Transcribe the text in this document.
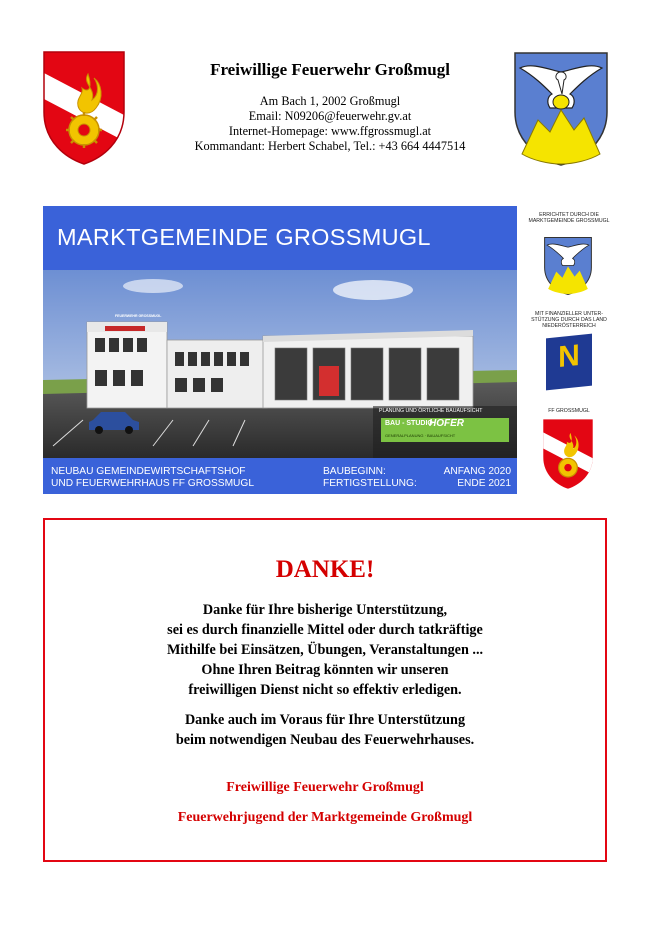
Freiwillige Feuerwehr Großmugl
Am Bach 1, 2002 Großmugl
Email: N09206@feuerwehr.gv.at
Internet-Homepage: www.ffgrossmugl.at
Kommandant: Herbert Schabel, Tel.: +43 664 4447514
MARKTGEMEINDE GROSSMUGL
FEUERWEHR GROSSMUGL
PLANUNG UND ÖRTLICHE BAUAUFSICHT
BAU - STUDIO
HOFER
GENERALPLANUNG · BAUAUFSICHT
NEUBAU GEMEINDEWIRTSCHAFTSHOF
UND FEUERWEHRHAUS FF GROSSMUGL
BAUBEGINN:
FERTIGSTELLUNG:
ANFANG 2020
ENDE 2021
ERRICHTET DURCH DIE MARKTGEMEINDE GROSSMUGL
MIT FINANZIELLER UNTER-STÜTZUNG DURCH DAS LAND NIEDERÖSTERREICH
N
FF GROSSMUGL
DANKE!
Danke für Ihre bisherige Unterstützung,
sei es durch finanzielle Mittel oder durch tatkräftige
Mithilfe bei Einsätzen, Übungen, Veranstaltungen ...
Ohne Ihren Beitrag könnten wir unseren
freiwilligen Dienst nicht so effektiv erledigen.
Danke auch im Voraus für Ihre Unterstützung
beim notwendigen Neubau des Feuerwehrhauses.
Freiwillige Feuerwehr Großmugl
Feuerwehrjugend der Marktgemeinde Großmugl
